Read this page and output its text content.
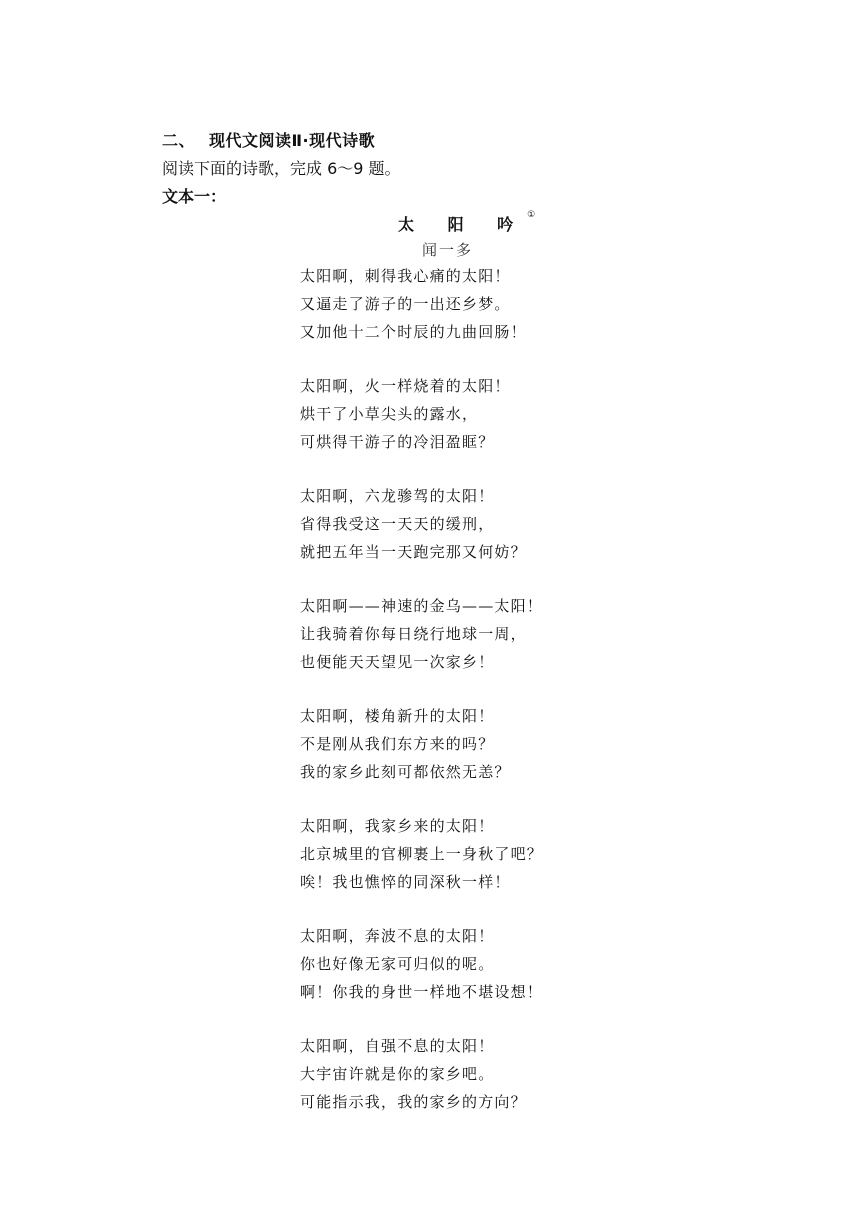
二、 现代文阅读Ⅱ·现代诗歌
阅读下面的诗歌，完成 6～9 题。
文本一：
太 阳 吟①
闻一多
太阳啊，刺得我心痛的太阳！
又逼走了游子的一出还乡梦。
又加他十二个时辰的九曲回肠！
太阳啊，火一样烧着的太阳！
烘干了小草尖头的露水，
可烘得干游子的冷泪盈眶？
太阳啊，六龙骖驾的太阳！
省得我受这一天天的缓刑，
就把五年当一天跑完那又何妨？
太阳啊——神速的金乌——太阳！
让我骑着你每日绕行地球一周，
也便能天天望见一次家乡！
太阳啊，楼角新升的太阳！
不是刚从我们东方来的吗？
我的家乡此刻可都依然无恙？
太阳啊，我家乡来的太阳！
北京城里的官柳裹上一身秋了吧？
唉！我也憔悴的同深秋一样！
太阳啊，奔波不息的太阳！
你也好像无家可归似的呢。
啊！你我的身世一样地不堪设想！
太阳啊，自强不息的太阳！
大宇宙许就是你的家乡吧。
可能指示我，我的家乡的方向？
